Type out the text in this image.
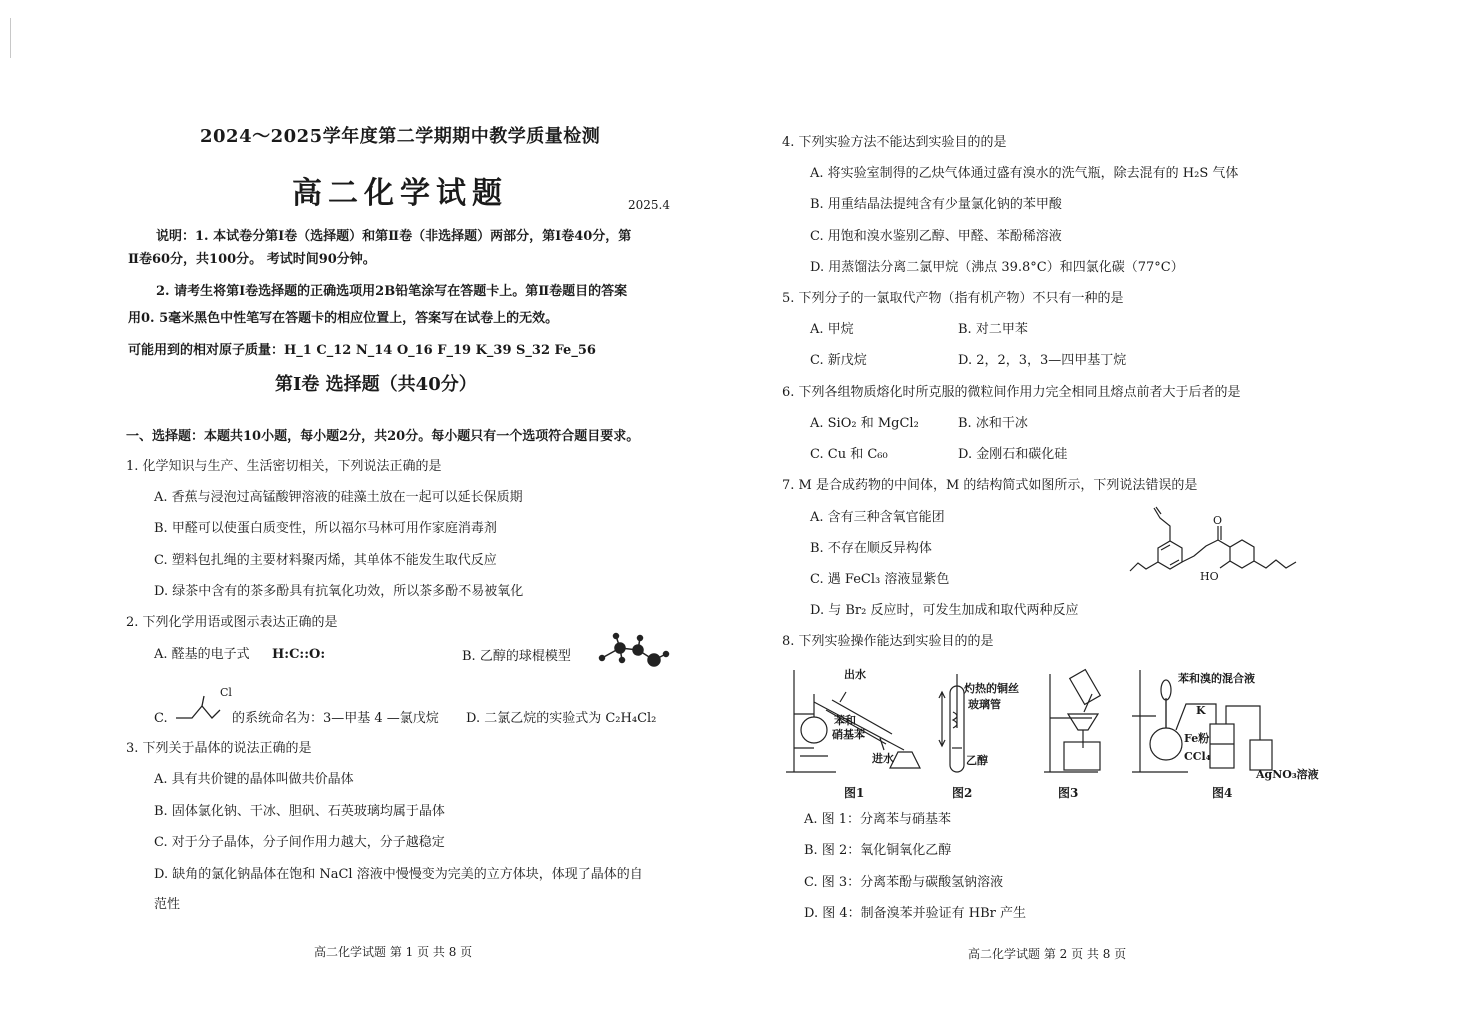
2024～2025学年度第二学期期中教学质量检测
高二化学试题	2025.4
说明：1. 本试卷分第Ⅰ卷（选择题）和第Ⅱ卷（非选择题）两部分，第Ⅰ卷40分，第
Ⅱ卷60分，共100分。 考试时间90分钟。
2. 请考生将第Ⅰ卷选择题的正确选项用2B铅笔涂写在答题卡上。第Ⅱ卷题目的答案
用0. 5毫米黑色中性笔写在答题卡的相应位置上，答案写在试卷上的无效。
可能用到的相对原子质量：H_1 C_12 N_14 O_16 F_19 K_39 S_32 Fe_56
第Ⅰ卷 选择题（共40分）
一、选择题：本题共10小题，每小题2分，共20分。每小题只有一个选项符合题目要求。
1. 化学知识与生产、生活密切相关，下列说法正确的是
A. 香蕉与浸泡过高锰酸钾溶液的硅藻土放在一起可以延长保质期
B. 甲醛可以使蛋白质变性，所以福尔马林可用作家庭消毒剂
C. 塑料包扎绳的主要材料聚丙烯，其单体不能发生取代反应
D. 绿茶中含有的茶多酚具有抗氧化功效，所以茶多酚不易被氧化
2. 下列化学用语或图示表达正确的是
A. 醛基的电子式 H:C::O:	B. 乙醇的球棍模型
C.
Cl
的系统命名为：3—甲基 4 —氯戊烷 D. 二氯乙烷的实验式为 C₂H₄Cl₂
3. 下列关于晶体的说法正确的是
A. 具有共价键的晶体叫做共价晶体
B. 固体氯化钠、干冰、胆矾、石英玻璃均属于晶体
C. 对于分子晶体，分子间作用力越大，分子越稳定
D. 缺角的氯化钠晶体在饱和 NaCl 溶液中慢慢变为完美的立方体块，体现了晶体的自
范性
高二化学试题 第 1 页 共 8 页
4. 下列实验方法不能达到实验目的的是
A. 将实验室制得的乙炔气体通过盛有溴水的洗气瓶，除去混有的 H₂S 气体
B. 用重结晶法提纯含有少量氯化钠的苯甲酸
C. 用饱和溴水鉴别乙醇、甲醛、苯酚稀溶液
D. 用蒸馏法分离二氯甲烷（沸点 39.8°C）和四氯化碳（77°C）
5. 下列分子的一氯取代产物（指有机产物）不只有一种的是
A. 甲烷	B. 对二甲苯
C. 新戊烷	D. 2，2，3，3—四甲基丁烷
6. 下列各组物质熔化时所克服的微粒间作用力完全相同且熔点前者大于后者的是
A. SiO₂ 和 MgCl₂	B. 冰和干冰
C. Cu 和 C₆₀	D. 金刚石和碳化硅
7. M 是合成药物的中间体，M 的结构简式如图所示，下列说法错误的是
A. 含有三种含氧官能团
B. 不存在顺反异构体
C. 遇 FeCl₃ 溶液显紫色
D. 与 Br₂ 反应时，可发生加成和取代两种反应
O
HO
8. 下列实验操作能达到实验目的的是
出水
苯和
硝基苯
进水
图1
灼热的铜丝
玻璃管
乙醇
图2	图3
苯和溴的混合液
K
Fe粉
CCl₄
AgNO₃溶液
图4
A. 图 1：分离苯与硝基苯
B. 图 2：氧化铜氧化乙醇
C. 图 3：分离苯酚与碳酸氢钠溶液
D. 图 4：制备溴苯并验证有 HBr 产生
高二化学试题 第 2 页 共 8 页
